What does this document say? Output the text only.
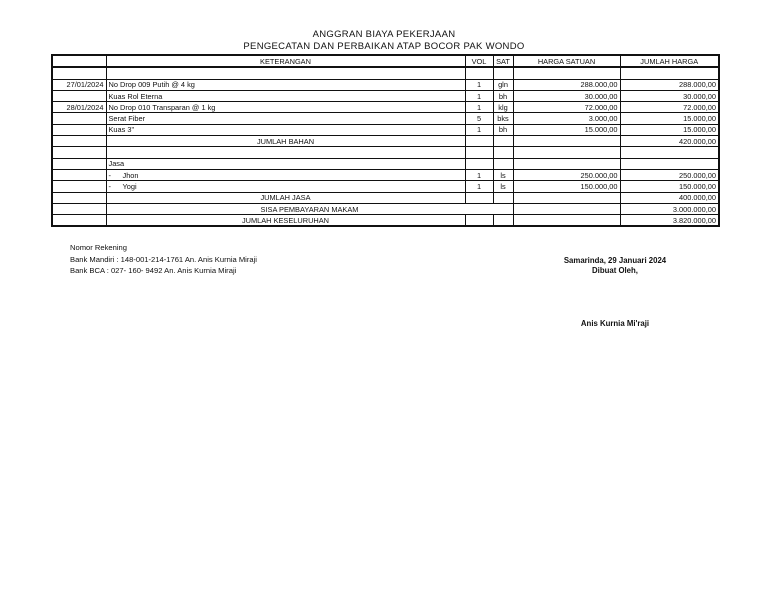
ANGGRAN BIAYA PEKERJAAN
PENGECATAN DAN PERBAIKAN ATAP BOCOR PAK WONDO
	KETERANGAN	VOL	SAT	HARGA SATUAN	JUMLAH HARGA

27/01/2024	No Drop 009 Putih @ 4 kg	1	gln	288.000,00	288.000,00
	Kuas Rol Eterna	1	bh	30.000,00	30.000,00
28/01/2024	No Drop 010 Transparan @ 1 kg	1	klg	72.000,00	72.000,00
	Serat Fiber	5	bks	3.000,00	15.000,00
	Kuas 3"	1	bh	15.000,00	15.000,00
	JUMLAH BAHAN				420.000,00

	Jasa				
	- Jhon	1	ls	250.000,00	250.000,00
	- Yogi	1	ls	150.000,00	150.000,00
	JUMLAH JASA				400.000,00
	SISA PEMBAYARAN MAKAM				3.000.000,00
	JUMLAH KESELURUHAN				3.820.000,00
Nomor Rekening
Bank Mandiri : 148-001-214-1761 An. Anis Kurnia Miraji
Bank BCA : 027- 160- 9492 An. Anis Kurnia Miraji
Samarinda, 29 Januari 2024
Dibuat Oleh,
Anis Kurnia Mi'raji
